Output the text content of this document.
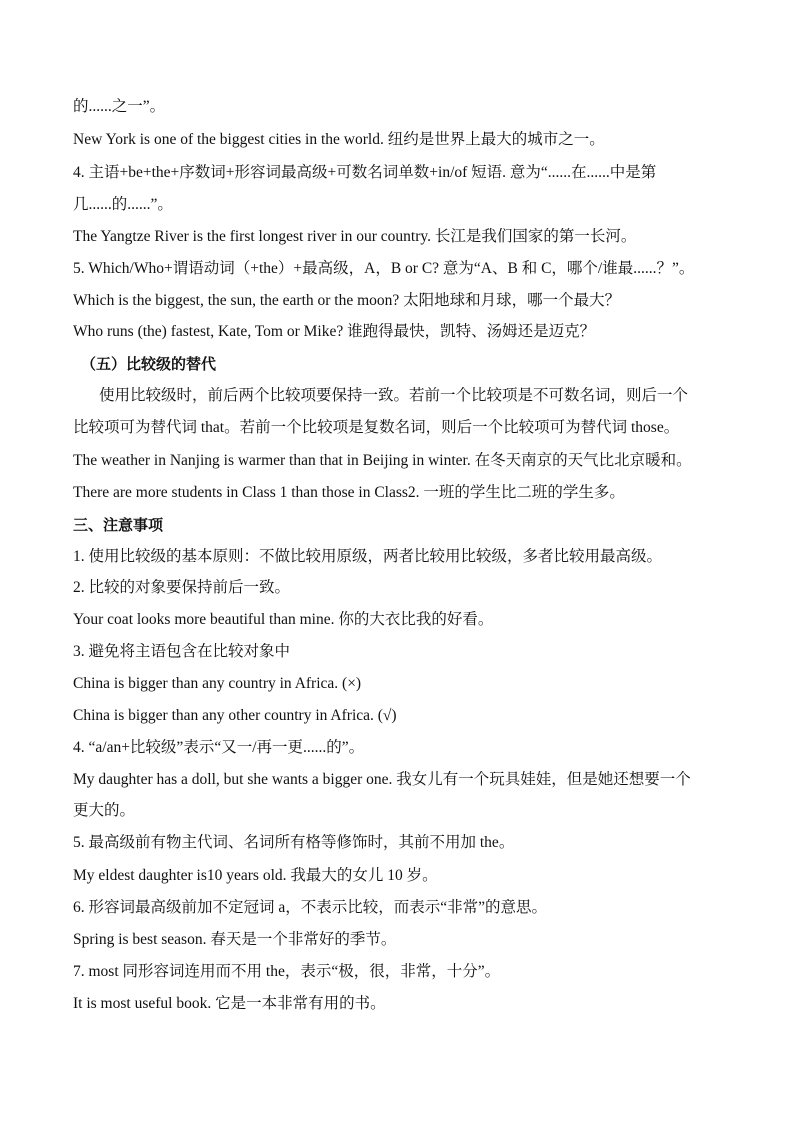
的......之一”。
New York is one of the biggest cities in the world. 纽约是世界上最大的城市之一。
4. 主语+be+the+序数词+形容词最高级+可数名词单数+in/of 短语. 意为“......在......中是第
几......的......”。
The Yangtze River is the first longest river in our country. 长江是我们国家的第一长河。
5. Which/Who+谓语动词（+the）+最高级，A，B or C? 意为“A、B 和 C，哪个/谁最......？”。
Which is the biggest, the sun, the earth or the moon? 太阳地球和月球，哪一个最大？
Who runs (the) fastest, Kate, Tom or Mike? 谁跑得最快，凯特、汤姆还是迈克？
（五）比较级的替代
使用比较级时，前后两个比较项要保持一致。若前一个比较项是不可数名词，则后一个
比较项可为替代词 that。若前一个比较项是复数名词，则后一个比较项可为替代词 those。
The weather in Nanjing is warmer than that in Beijing in winter. 在冬天南京的天气比北京暖和。
There are more students in Class 1 than those in Class2. 一班的学生比二班的学生多。
三、注意事项
1. 使用比较级的基本原则：不做比较用原级，两者比较用比较级，多者比较用最高级。
2. 比较的对象要保持前后一致。
Your coat looks more beautiful than mine. 你的大衣比我的好看。
3. 避免将主语包含在比较对象中
China is bigger than any country in Africa. (×)
China is bigger than any other country in Africa. (√)
4. “a/an+比较级”表示“又一/再一更......的”。
My daughter has a doll, but she wants a bigger one. 我女儿有一个玩具娃娃，但是她还想要一个
更大的。
5. 最高级前有物主代词、名词所有格等修饰时，其前不用加 the。
My eldest daughter is10 years old. 我最大的女儿 10 岁。
6. 形容词最高级前加不定冠词 a，不表示比较，而表示“非常”的意思。
Spring is best season. 春天是一个非常好的季节。
7. most 同形容词连用而不用 the，表示“极，很，非常，十分”。
It is most useful book. 它是一本非常有用的书。
